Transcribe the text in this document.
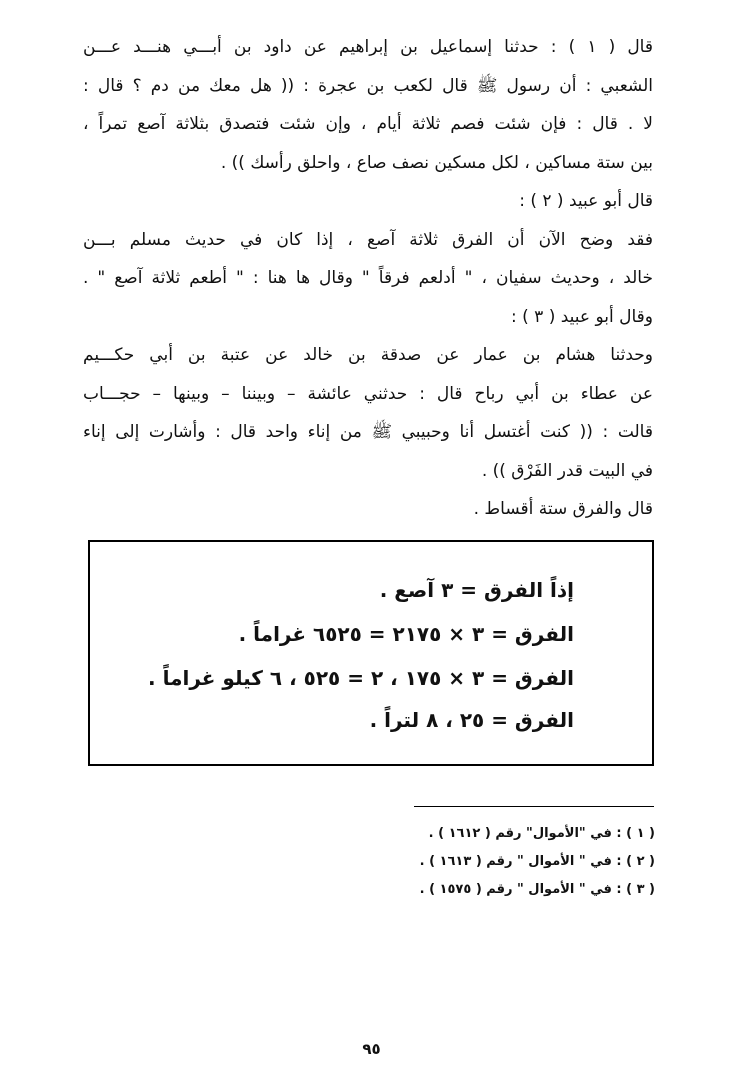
قال ( ١ ) : حدثنا إسماعيل بن إبراهيم عن داود بن أبـــي هنـــد عـــن
الشعبي : أن رسول ﷺ قال لكعب بن عجرة : (( هل معك من دم ؟ قال :
لا . قال : فإن شئت فصم ثلاثة أيام ، وإن شئت فتصدق بثلاثة آصع تمراً ،
بين ستة مساكين ، لكل مسكين نصف صاع ، واحلق رأسك )) .
قال أبو عبيد ( ٢ ) :
فقد وضح الآن أن الفرق ثلاثة آصع ، إذا كان في حديث مسلم بـــن
خالد ، وحديث سفيان ، " أدلعم فرقاً " وقال ها هنا : " أطعم ثلاثة آصع " .
وقال أبو عبيد ( ٣ ) :
وحدثنا هشام بن عمار عن صدقة بن خالد عن عتبة بن أبي حكـــيم
عن عطاء بن أبي رباح قال : حدثني عائشة – وبيننا – وبينها – حجـــاب
قالت : (( كنت أغتسل أنا وحبيبي ﷺ من إناء واحد قال : وأشارت إلى إناء
في البيت قدر الفَرْق )) .
قال والفرق ستة أقساط .
إذاً الفرق = ٣ آصع .
الفرق = ٣ × ٢١٧٥ = ٦٥٢٥ غراماً .
الفرق = ٣ × ١٧٥ ، ٢ = ٥٢٥ ، ٦ كيلو غراماً .
الفرق = ٢٥ ، ٨ لتراً .
( ١ ) : في "الأموال" رقم ( ١٦١٢ ) .
( ٢ ) : في " الأموال " رقم ( ١٦١٣ ) .
( ٣ ) : في " الأموال " رقم ( ١٥٧٥ ) .
٩٥
